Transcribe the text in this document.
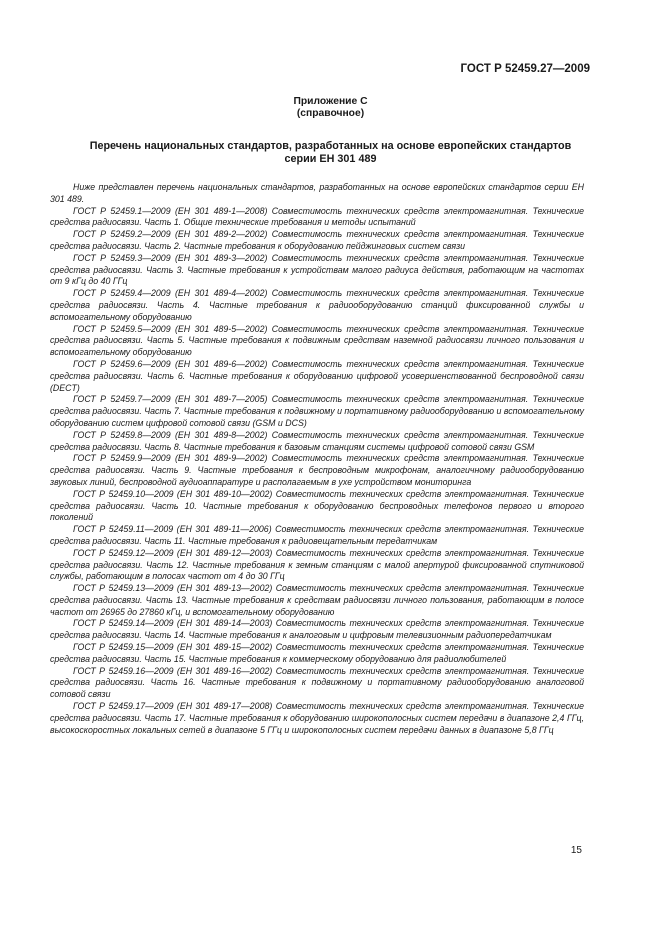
ГОСТ Р 52459.27—2009
Приложение С
(справочное)
Перечень национальных стандартов, разработанных на основе европейских стандартов
серии ЕН 301 489

Ниже представлен перечень национальных стандартов, разработанных на основе европейских стандартов серии ЕН 301 489.

ГОСТ Р 52459.1—2009 (ЕН 301 489-1—2008) Совместимость технических средств электромагнитная. Технические средства радиосвязи. Часть 1. Общие технические требования и методы испытаний

ГОСТ Р 52459.2—2009 (ЕН 301 489-2—2002) Совместимость технических средств электромагнитная. Технические средства радиосвязи. Часть 2. Частные требования к оборудованию пейджинговых систем связи

ГОСТ Р 52459.3—2009 (ЕН 301 489-3—2002) Совместимость технических средств электромагнитная. Технические средства радиосвязи. Часть 3. Частные требования к устройствам малого радиуса действия, работающим на частотах от 9 кГц до 40 ГГц

ГОСТ Р 52459.4—2009 (ЕН 301 489-4—2002) Совместимость технических средств электромагнитная. Технические средства радиосвязи. Часть 4. Частные требования к радиооборудованию станций фиксированной службы и вспомогательному оборудованию

ГОСТ Р 52459.5—2009 (ЕН 301 489-5—2002) Совместимость технических средств электромагнитная. Технические средства радиосвязи. Часть 5. Частные требования к подвижным средствам наземной радиосвязи личного пользования и вспомогательному оборудованию

ГОСТ Р 52459.6—2009 (ЕН 301 489-6—2002) Совместимость технических средств электромагнитная. Технические средства радиосвязи. Часть 6. Частные требования к оборудованию цифровой усовершенствованной беспроводной связи (DECT)

ГОСТ Р 52459.7—2009 (ЕН 301 489-7—2005) Совместимость технических средств электромагнитная. Технические средства радиосвязи. Часть 7. Частные требования к подвижному и портативному радиооборудованию и вспомогательному оборудованию систем цифровой сотовой связи (GSM и DCS)

ГОСТ Р 52459.8—2009 (ЕН 301 489-8—2002) Совместимость технических средств электромагнитная. Технические средства радиосвязи. Часть 8. Частные требования к базовым станциям системы цифровой сотовой связи GSM

ГОСТ Р 52459.9—2009 (ЕН 301 489-9—2002) Совместимость технических средств электромагнитная. Технические средства радиосвязи. Часть 9. Частные требования к беспроводным микрофонам, аналогичному радиооборудованию звуковых линий, беспроводной аудиоаппаратуре и располагаемым в ухе устройством мониторинга

ГОСТ Р 52459.10—2009 (ЕН 301 489-10—2002) Совместимость технических средств электромагнитная. Технические средства радиосвязи. Часть 10. Частные требования к оборудованию беспроводных телефонов первого и второго поколений

ГОСТ Р 52459.11—2009 (ЕН 301 489-11—2006) Совместимость технических средств электромагнитная. Технические средства радиосвязи. Часть 11. Частные требования к радиовещательным передатчикам

ГОСТ Р 52459.12—2009 (ЕН 301 489-12—2003) Совместимость технических средств электромагнитная. Технические средства радиосвязи. Часть 12. Частные требования к земным станциям с малой апертурой фиксированной спутниковой службы, работающим в полосах частот от 4 до 30 ГГц

ГОСТ Р 52459.13—2009 (ЕН 301 489-13—2002) Совместимость технических средств электромагнитная. Технические средства радиосвязи. Часть 13. Частные требования к средствам радиосвязи личного пользования, работающим в полосе частот от 26965 до 27860 кГц, и вспомогательному оборудованию

ГОСТ Р 52459.14—2009 (ЕН 301 489-14—2003) Совместимость технических средств электромагнитная. Технические средства радиосвязи. Часть 14. Частные требования к аналоговым и цифровым телевизионным радиопередатчикам

ГОСТ Р 52459.15—2009 (ЕН 301 489-15—2002) Совместимость технических средств электромагнитная. Технические средства радиосвязи. Часть 15. Частные требования к коммерческому оборудованию для радиолюбителей

ГОСТ Р 52459.16—2009 (ЕН 301 489-16—2002) Совместимость технических средств электромагнитная. Технические средства радиосвязи. Часть 16. Частные требования к подвижному и портативному радиооборудованию аналоговой сотовой связи

ГОСТ Р 52459.17—2009 (ЕН 301 489-17—2008) Совместимость технических средств электромагнитная. Технические средства радиосвязи. Часть 17. Частные требования к оборудованию широкополосных систем передачи в диапазоне 2,4 ГГц, высокоскоростных локальных сетей в диапазоне 5 ГГц и широкополосных систем передачи данных в диапазоне 5,8 ГГц

15
